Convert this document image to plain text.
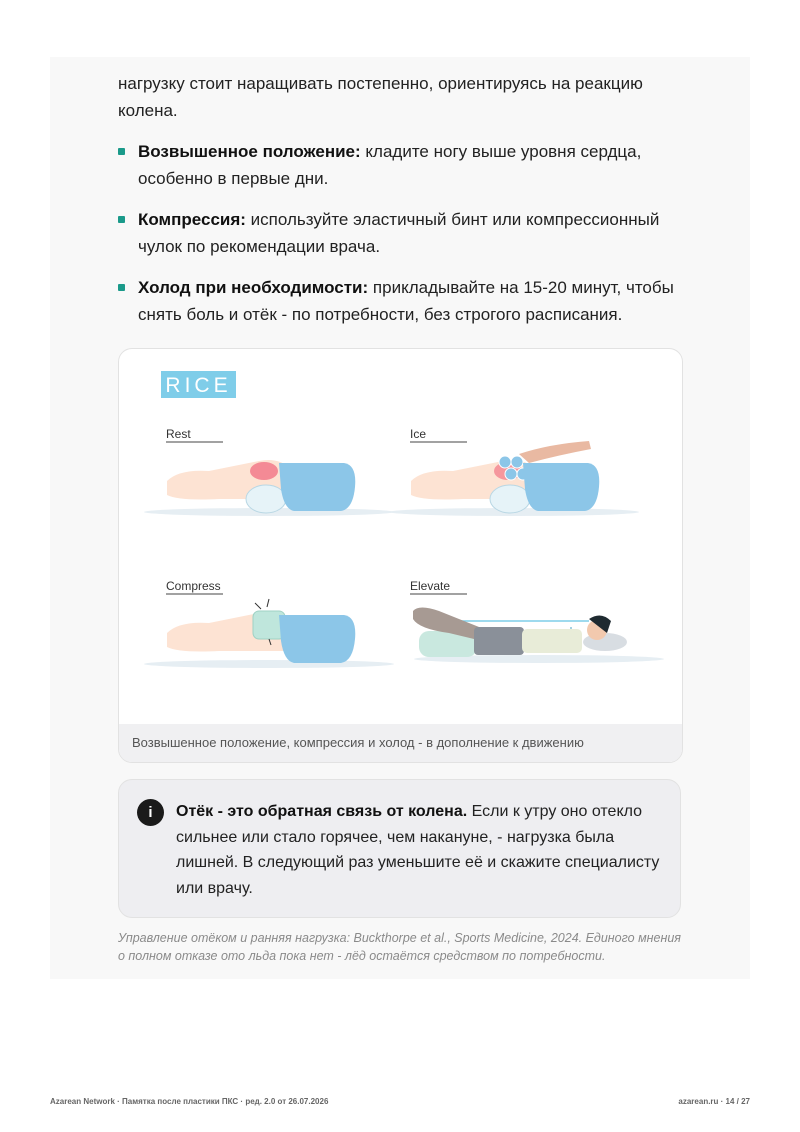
нагрузку стоит наращивать постепенно, ориентируясь на реакцию колена.

Возвышенное положение: кладите ногу выше уровня сердца, особенно в первые дни.
Компрессия: используйте эластичный бинт или компрессионный чулок по рекомендации врача.
Холод при необходимости: прикладывайте на 15-20 минут, чтобы снять боль и отёк - по потребности, без строгого расписания.
RICE
Rest	Ice
Compress	Elevate
Возвышенное положение, компрессия и холод - в дополнение к движению
i	Отёк - это обратная связь от колена. Если к утру оно отекло сильнее или стало горячее, чем накануне, - нагрузка была лишней. В следующий раз уменьшите её и скажите специалисту или врачу.
Управление отёком и ранняя нагрузка: Buckthorpe et al., Sports Medicine, 2024. Единого мнения о полном отказе ото льда пока нет - лёд остаётся средством по потребности.
Azarean Network · Памятка после пластики ПКС · ред. 2.0 от 26.07.2026	azarean.ru · 14 / 27
